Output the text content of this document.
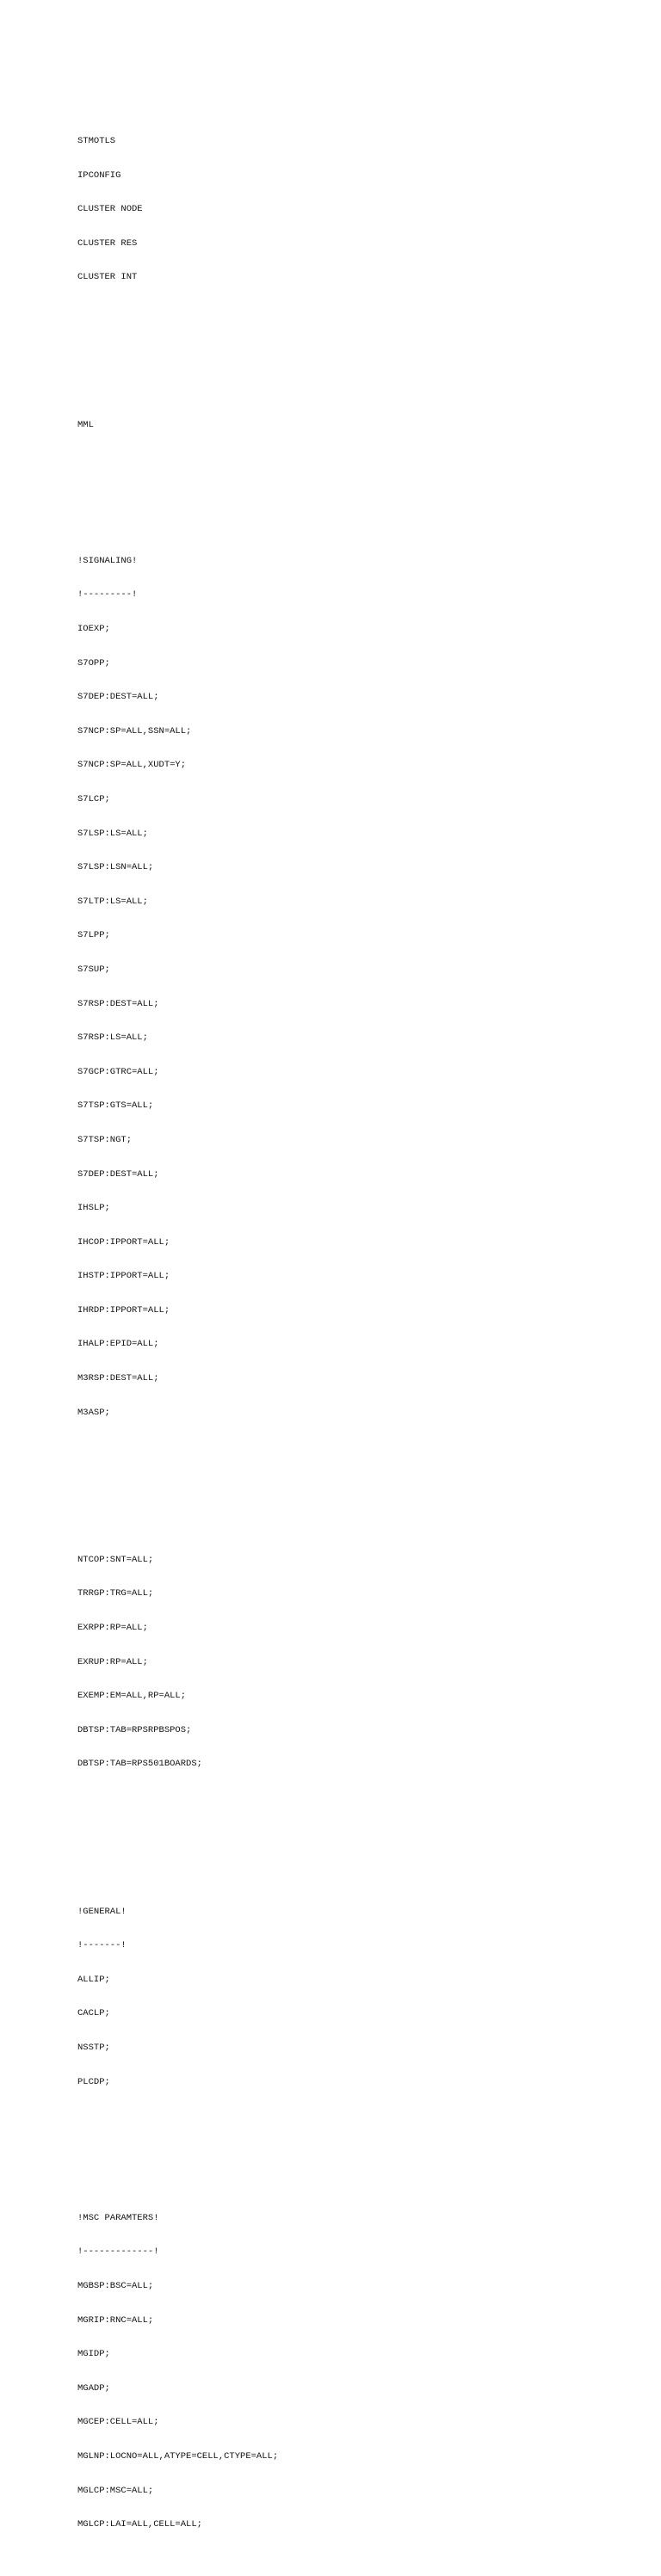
STMOTLS

IPCONFIG

CLUSTER NODE

CLUSTER RES

CLUSTER INT

MML

!SIGNALING!

!---------!

IOEXP;

S7OPP;

S7DEP:DEST=ALL;

S7NCP:SP=ALL,SSN=ALL;

S7NCP:SP=ALL,XUDT=Y;

S7LCP;

S7LSP:LS=ALL;

S7LSP:LSN=ALL;

S7LTP:LS=ALL;

S7LPP;

S7SUP;

S7RSP:DEST=ALL;

S7RSP:LS=ALL;

S7GCP:GTRC=ALL;

S7TSP:GTS=ALL;

S7TSP:NGT;

S7DEP:DEST=ALL;

IHSLP;

IHCOP:IPPORT=ALL;

IHSTP:IPPORT=ALL;

IHRDP:IPPORT=ALL;

IHALP:EPID=ALL;

M3RSP:DEST=ALL;

M3ASP;

NTCOP:SNT=ALL;

TRRGP:TRG=ALL;

EXRPP:RP=ALL;

EXRUP:RP=ALL;

EXEMP:EM=ALL,RP=ALL;

DBTSP:TAB=RPSRPBSPOS;

DBTSP:TAB=RPS501BOARDS;

!GENERAL!

!-------!

ALLIP;

CACLP;

NSSTP;

PLCDP;

!MSC PARAMTERS!

!-------------!

MGBSP:BSC=ALL;

MGRIP:RNC=ALL;

MGIDP;

MGADP;

MGCEP:CELL=ALL;

MGLNP:LOCNO=ALL,ATYPE=CELL,CTYPE=ALL;

MGLCP:MSC=ALL;

MGLCP:LAI=ALL,CELL=ALL;
